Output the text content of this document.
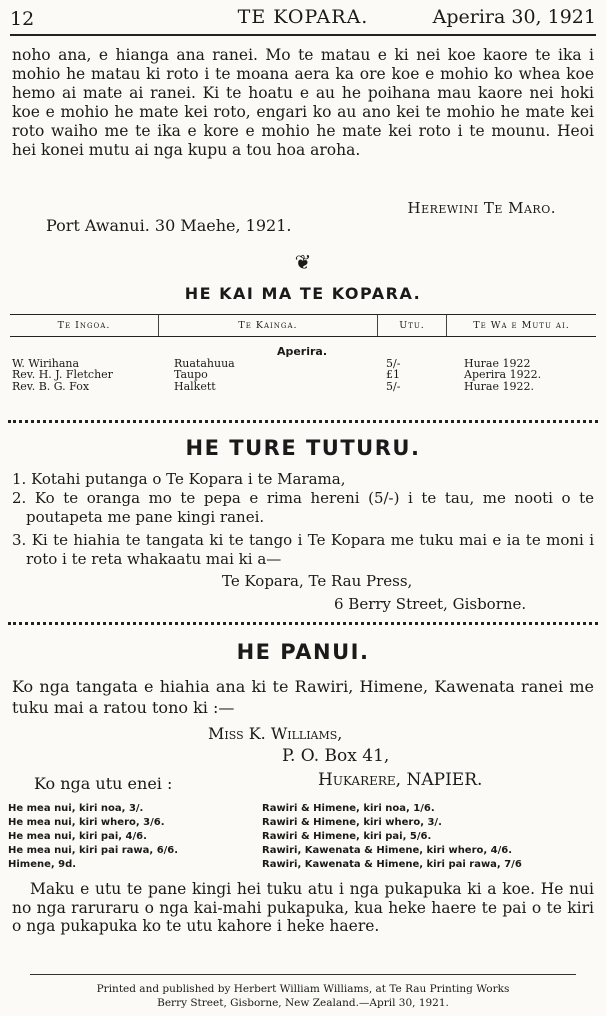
12	TE KOPARA.	Aperira 30, 1921
noho ana, e hianga ana ranei. Mo te matau e ki nei koe kaore te ika i mohio he matau ki roto i te moana aera ka ore koe e mohio ko whea koe hemo ai mate ai ranei. Ki te hoatu e au he poihana mau kaore nei hoki koe e mohio he mate kei roto, engari ko au ano kei te mohio he mate kei roto waiho me te ika e kore e mohio he mate kei roto i te mounu. Heoi hei konei mutu ai nga kupu a tou hoa aroha.
Herewini Te Maro.
Port Awanui. 30 Maehe, 1921.
❦
HE KAI MA TE KOPARA.
Te Ingoa.	Te Kainga.	Utu.	Te Wa e Mutu ai.
Aperira.
W. Wirihana	Ruatahuua	5/-	Hurae 1922
Rev. H. J. Fletcher	Taupo	£1	Aperira 1922.
Rev. B. G. Fox	Halkett	5/-	Hurae 1922.
HE TURE TUTURU.
1. Kotahi putanga o Te Kopara i te Marama,
2. Ko te oranga mo te pepa e rima hereni (5/-) i te tau, me nooti o te poutapeta me pane kingi ranei.
3. Ki te hiahia te tangata ki te tango i Te Kopara me tuku mai e ia te moni i roto i te reta whakaatu mai ki a—
Te Kopara, Te Rau Press,
6 Berry Street, Gisborne.
HE PANUI.
Ko nga tangata e hiahia ana ki te Rawiri, Himene, Kawenata ranei me tuku mai a ratou tono ki :—
Miss K. Williams,
P. O. Box 41,
Hukarere, NAPIER.
Ko nga utu enei :
He mea nui, kiri noa, 3/.
He mea nui, kiri whero, 3/6.
He mea nui, kiri pai, 4/6.
He mea nui, kiri pai rawa, 6/6.
Himene, 9d.
Rawiri & Himene, kiri noa, 1/6.
Rawiri & Himene, kiri whero, 3/.
Rawiri & Himene, kiri pai, 5/6.
Rawiri, Kawenata & Himene, kiri whero, 4/6.
Rawiri, Kawenata & Himene, kiri pai rawa, 7/6
Maku e utu te pane kingi hei tuku atu i nga pukapuka ki a koe. He nui no nga raruraru o nga kai-mahi pukapuka, kua heke haere te pai o te kiri o nga pukapuka ko te utu kahore i heke haere.
Printed and published by Herbert William Williams, at Te Rau Printing Works
Berry Street, Gisborne, New Zealand.—April 30, 1921.
